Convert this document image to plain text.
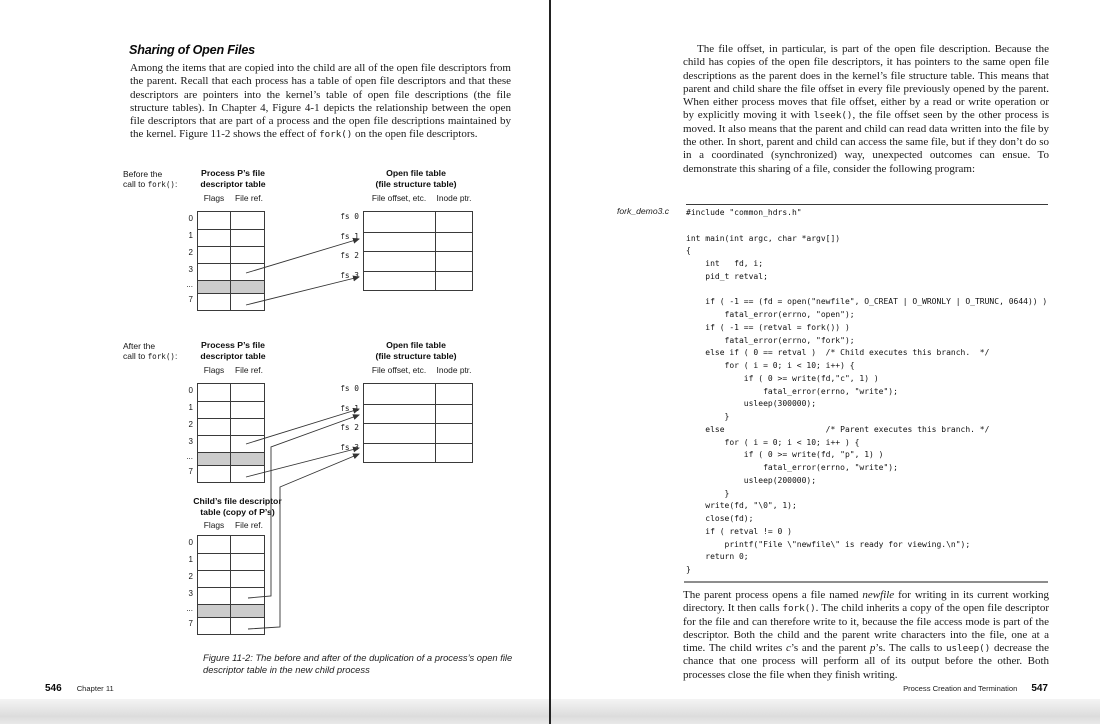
Sharing of Open Files

Among the items that are copied into the child are all of the open file descriptors from the parent. Recall that each process has a table of open file descriptors and that these descriptors are pointers into the kernel’s table of open file descriptions (the file structure tables). In Chapter 4, Figure 4-1 depicts the relationship between the open file descriptors that are part of a process and the open file descriptions maintained by the kernel. Figure 11-2 shows the effect of fork() on the open file descriptors.

Before the
call to fork():
Process P’s file
descriptor table
Flags	File ref.
0
1
2
3
...
7
Open file table
(file structure table)
File offset, etc.	Inode ptr.
fs 0
fs 1
fs 2
fs 3
After the
call to fork():
Process P’s file
descriptor table
Flags	File ref.
0
1
2
3
...
7
Open file table
(file structure table)
File offset, etc.	Inode ptr.
fs 0
fs 1
fs 2
fs 3
Child’s file descriptor
table (copy of P’s)
Flags	File ref.
0
1
2
3
...
7
Figure 11-2: The before and after of the duplication of a process’s open file descriptor table in the new child process
546 Chapter 11

The file offset, in particular, is part of the open file description. Because the child has copies of the open file descriptors, it has pointers to the same open file descriptions as the parent does in the kernel’s file structure table. This means that parent and child share the file offset in every file previously opened by the parent. When either process moves that file offset, either by a read or write operation or by explicitly moving it with lseek(), the file offset seen by the other process is moved. It also means that the parent and child can read data written into the file by the other. In short, parent and child can access the same file, but if they don’t do so in a coordinated (synchronized) way, unexpected outcomes can ensue. To demonstrate this sharing of a file, consider the following program:

fork_demo3.c #include "common_hdrs.h"
int main(int argc, char *argv[])
{
int   fd, i;
pid_t retval;
if ( -1 == (fd = open("newfile", O_CREAT | O_WRONLY | O_TRUNC, 0644)) )
fatal_error(errno, "open");
if ( -1 == (retval = fork()) )
fatal_error(errno, "fork");
else if ( 0 == retval )  /* Child executes this branch.  */
for ( i = 0; i < 10; i++) {
if ( 0 >= write(fd,"c", 1) )
fatal_error(errno, "write");
usleep(300000);
}
else                     /* Parent executes this branch. */
for ( i = 0; i < 10; i++ ) {
if ( 0 >= write(fd, "p", 1) )
fatal_error(errno, "write");
usleep(200000);
}
write(fd, "\0", 1);
close(fd);
if ( retval != 0 )
printf("File \"newfile\" is ready for viewing.\n");
return 0;
}

The parent process opens a file named newfile for writing in its current working directory. It then calls fork(). The child inherits a copy of the open file descriptor for the file and can therefore write to it, because the file access mode is part of the descriptor. Both the child and the parent write characters into the file, one at a time. The child writes c’s and the parent p’s. The calls to usleep() decrease the chance that one process will perform all of its output before the other. Both processes close the file when they finish writing.

Process Creation and Termination 547
